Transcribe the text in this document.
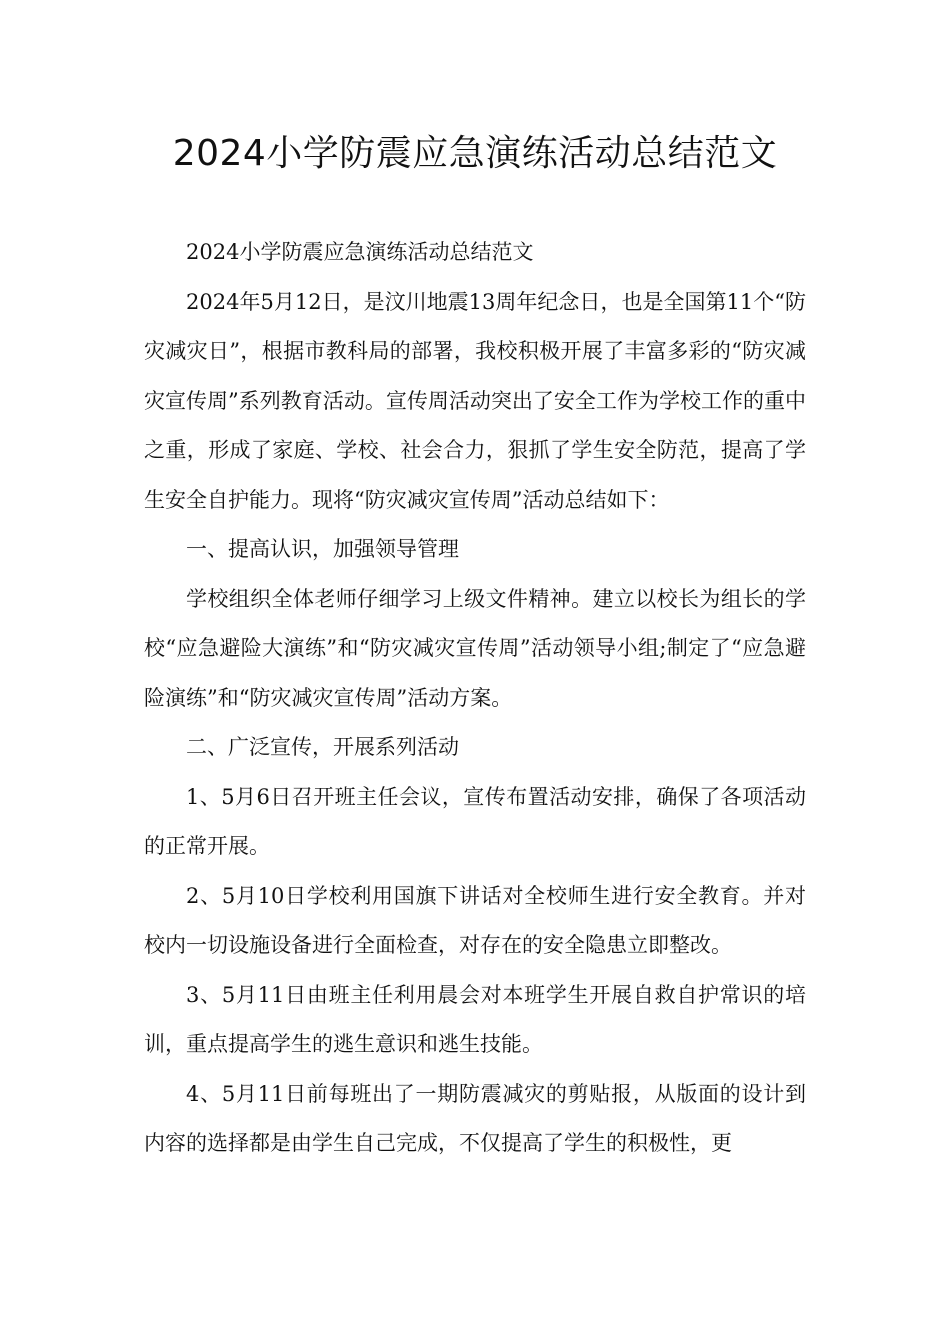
2024小学防震应急演练活动总结范文

2024小学防震应急演练活动总结范文

2024年5月12日，是汶川地震13周年纪念日，也是全国第11个“防灾减灾日”，根据市教科局的部署，我校积极开展了丰富多彩的“防灾减灾宣传周”系列教育活动。宣传周活动突出了安全工作为学校工作的重中之重，形成了家庭、学校、社会合力，狠抓了学生安全防范，提高了学生安全自护能力。现将“防灾减灾宣传周”活动总结如下：

一、提高认识，加强领导管理

学校组织全体老师仔细学习上级文件精神。建立以校长为组长的学校“应急避险大演练”和“防灾减灾宣传周”活动领导小组;制定了“应急避险演练”和“防灾减灾宣传周”活动方案。

二、广泛宣传，开展系列活动

1、5月6日召开班主任会议，宣传布置活动安排，确保了各项活动的正常开展。

2、5月10日学校利用国旗下讲话对全校师生进行安全教育。并对校内一切设施设备进行全面检查，对存在的安全隐患立即整改。

3、5月11日由班主任利用晨会对本班学生开展自救自护常识的培训，重点提高学生的逃生意识和逃生技能。

4、5月11日前每班出了一期防震减灾的剪贴报，从版面的设计到内容的选择都是由学生自己完成，不仅提高了学生的积极性，更
